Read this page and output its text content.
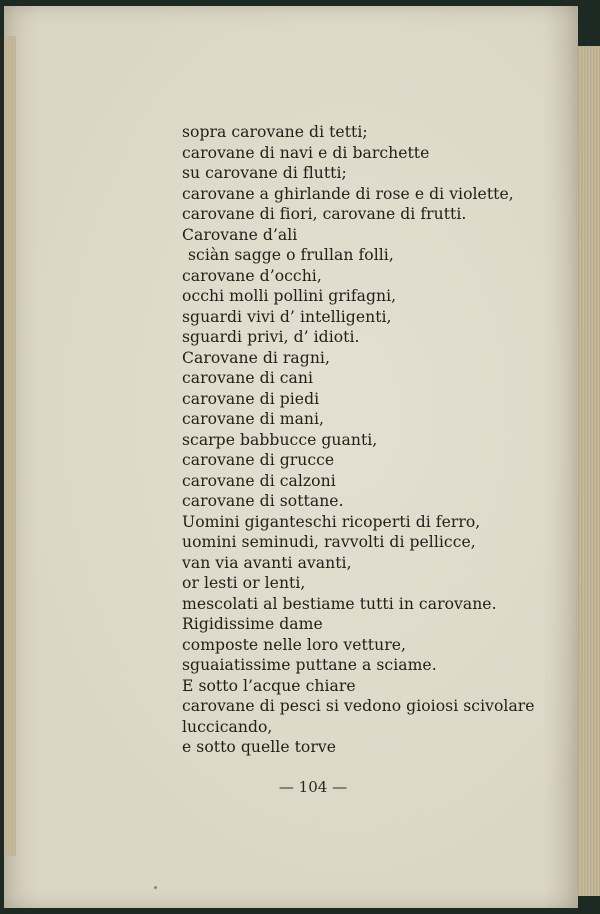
sopra carovane di tetti;
carovane di navi e di barchette
su carovane di flutti;
carovane a ghirlande di rose e di violette,
carovane di fiori, carovane di frutti.
Carovane d’ali
sciàn sagge o frullan folli,
carovane d’occhi,
occhi molli pollini grifagni,
sguardi vivi d’ intelligenti,
sguardi privi, d’ idioti.
Carovane di ragni,
carovane di cani
carovane di piedi
carovane di mani,
scarpe babbucce guanti,
carovane di grucce
carovane di calzoni
carovane di sottane.
Uomini giganteschi ricoperti di ferro,
uomini seminudi, ravvolti di pellicce,
van via avanti avanti,
or lesti or lenti,
mescolati al bestiame tutti in carovane.
Rigidissime dame
composte nelle loro vetture,
sguaiatissime puttane a sciame.
E sotto l’acque chiare
carovane di pesci si vedono gioiosi scivolare
luccicando,
e sotto quelle torve
— 104 —
